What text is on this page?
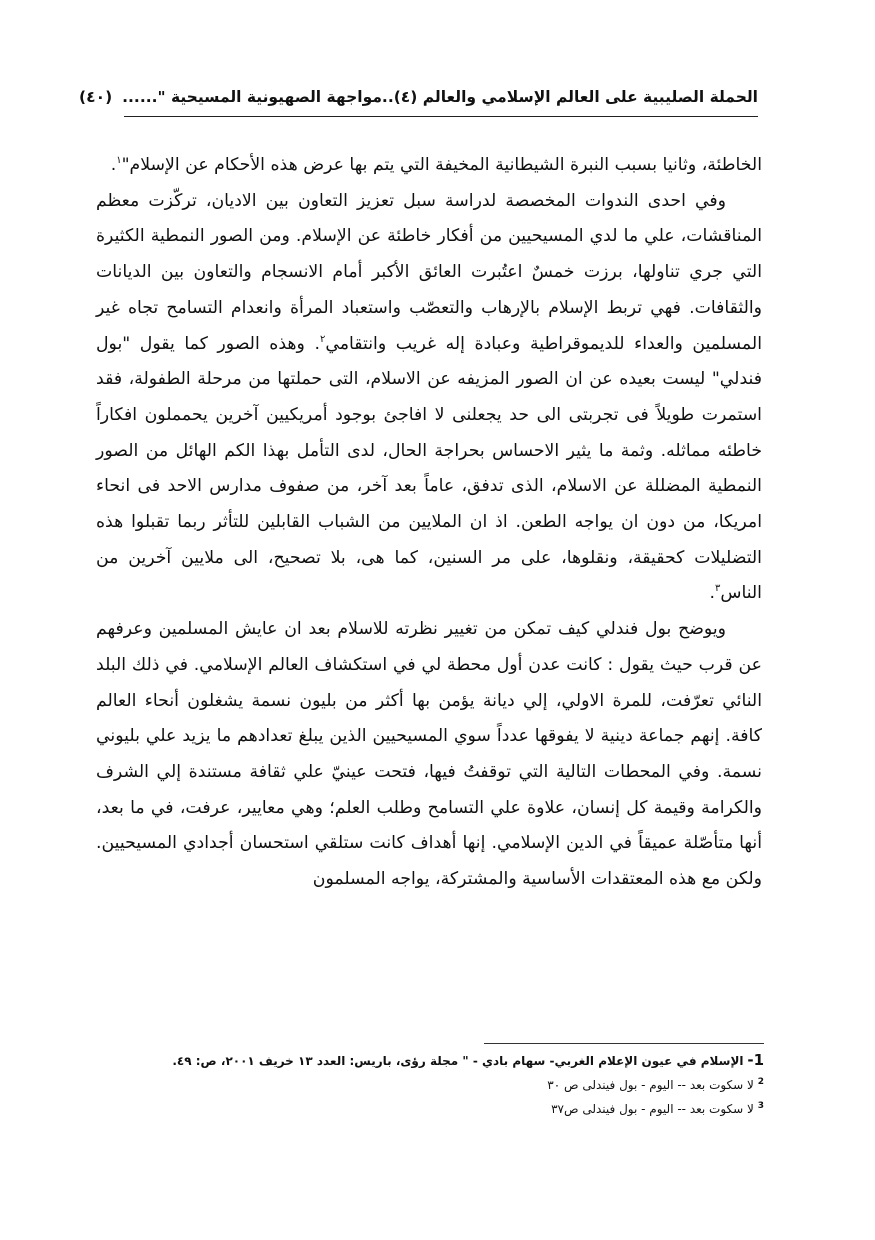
الحملة الصليبية على العالم الإسلامي والعالم (٤)..مواجهة الصهيونية المسيحية "......
(٤٠)

الخاطئة، وثانيا بسبب النبرة الشيطانية المخيفة التي يتم بها عرض هذه الأحكام عن الإسلام"$^١$.

وفي احدى الندوات المخصصة لدراسة سبل تعزيز التعاون بين الاديان، تركّزت معظم المناقشات، علي ما لدي المسيحيين من أفكار خاطئة عن الإسلام. ومن الصور النمطية الكثيرة التي جري تناولها، برزت خمسٌ اعتُبرت العائق الأكبر أمام الانسجام والتعاون بين الديانات والثقافات. فهي تربط الإسلام بالإرهاب والتعصّب واستعباد المرأة وانعدام التسامح تجاه غير المسلمين والعداء للديموقراطية وعبادة إله غريب وانتقامي$^٢$. وهذه الصور كما يقول "بول فندلي" ليست بعيده عن ان الصور المزيفه عن الاسلام، التى حملتها من مرحلة الطفولة، فقد استمرت طويلاً فى تجربتى الى حد يجعلنى لا افاجئ بوجود أمريكيين آخرين يحمملون افكاراً خاطئه مماثله. وثمة ما يثير الاحساس بحراجة الحال، لدى التأمل بهذا الكم الهائل من الصور النمطية المضللة عن الاسلام، الذى تدفق، عاماً بعد آخر، من صفوف مدارس الاحد فى انحاء امريكا، من دون ان يواجه الطعن. اذ ان الملايين من الشباب القابلين للتأثر ربما تقبلوا هذه التضليلات كحقيقة، ونقلوها، على مر السنين، كما هى، بلا تصحيح، الى ملايين آخرين من الناس$^٣$.

ويوضح بول فندلي كيف تمكن من تغيير نظرته للاسلام بعد ان عايش المسلمين وعرفهم عن قرب حيث يقول : كانت عدن أول محطة لي في استكشاف العالم الإسلامي. في ذلك البلد النائي تعرّفت، للمرة الاولي، إلي ديانة يؤمن بها أكثر من بليون نسمة يشغلون أنحاء العالم كافة. إنهم جماعة دينية لا يفوقها عدداً سوي المسيحيين الذين يبلغ تعدادهم ما يزيد علي بليوني نسمة. وفي المحطات التالية التي توقفتُ فيها، فتحت عينيّ علي ثقافة مستندة إلي الشرف والكرامة وقيمة كل إنسان، علاوة علي التسامح وطلب العلم؛ وهي معايير، عرفت، في ما بعد، أنها متأصّلة عميقاً في الدين الإسلامي. إنها أهداف كانت ستلقي استحسان أجدادي المسيحيين. ولكن مع هذه المعتقدات الأساسية والمشتركة، يواجه المسلمون

1- الإسلام في عيون الإعلام الغربي- سهام بادي - " مجلة رؤى، باريس: العدد ١٣ خريف ٢٠٠١، ص: ٤٩.
$^2$ لا سكوت بعد -- اليوم - بول فيندلى ص ٣٠
$^3$ لا سكوت بعد -- اليوم - بول فيندلى ص٣٧
